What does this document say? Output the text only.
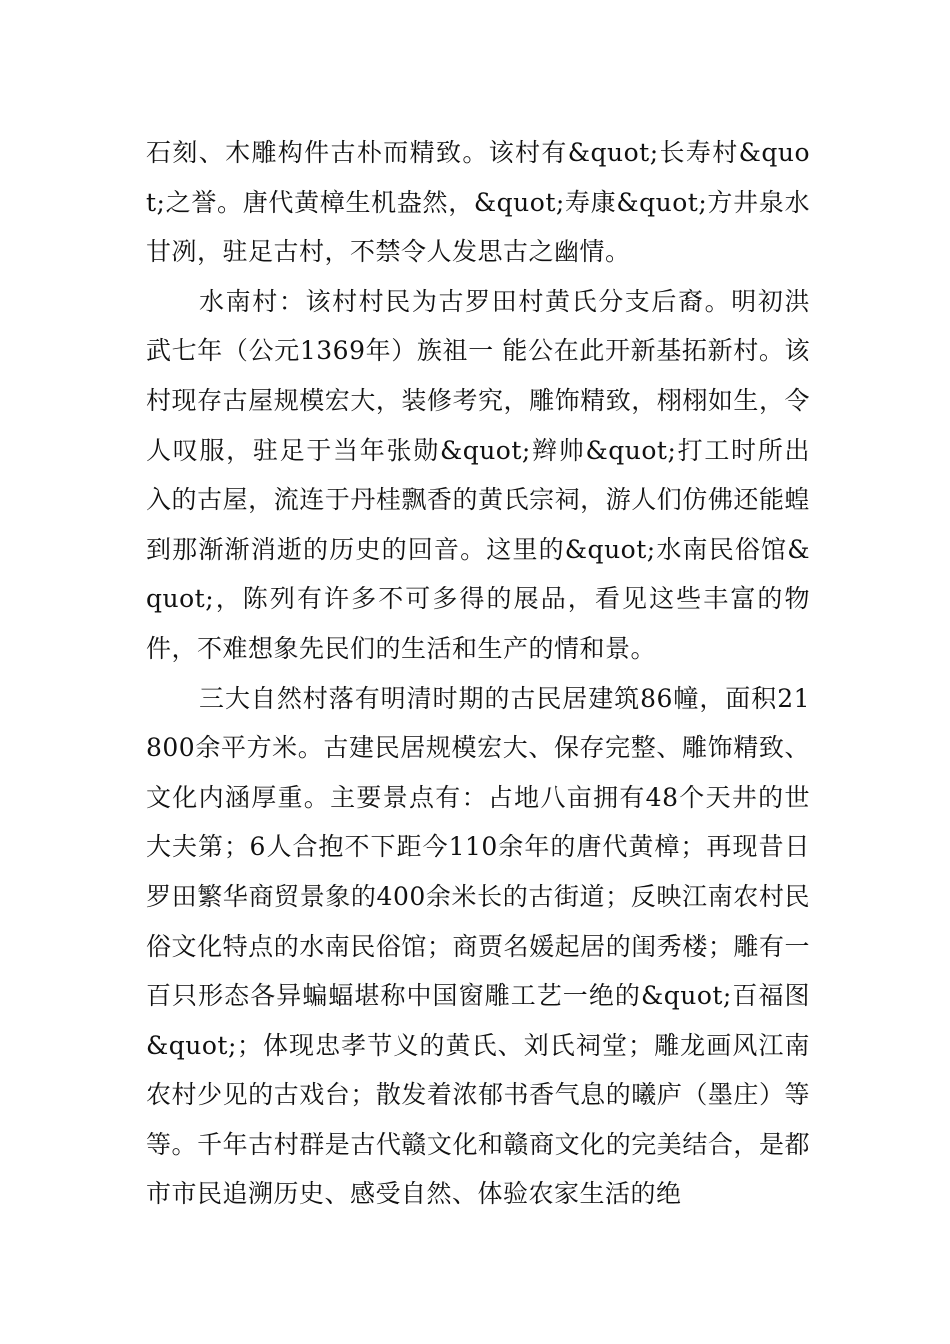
石刻、木雕构件古朴而精致。该村有&quot;长寿村&quot;之誉。唐代黄樟生机盎然，&quot;寿康&quot;方井泉水甘冽，驻足古村，不禁令人发思古之幽情。

水南村：该村村民为古罗田村黄氏分支后裔。明初洪武七年（公元1369年）族祖一 能公在此开新基拓新村。该村现存古屋规模宏大，装修考究，雕饰精致，栩栩如生，令人叹服，驻足于当年张勋&quot;辫帅&quot;打工时所出入的古屋，流连于丹桂飘香的黄氏宗祠，游人们仿佛还能蝗到那渐渐消逝的历史的回音。这里的&quot;水南民俗馆&quot;，陈列有许多不可多得的展品，看见这些丰富的物件，不难想象先民们的生活和生产的情和景。

三大自然村落有明清时期的古民居建筑86幢，面积21800余平方米。古建民居规模宏大、保存完整、雕饰精致、文化内涵厚重。主要景点有：占地八亩拥有48个天井的世大夫第；6人合抱不下距今110余年的唐代黄樟；再现昔日罗田繁华商贸景象的400余米长的古街道；反映江南农村民俗文化特点的水南民俗馆；商贾名媛起居的闺秀楼；雕有一百只形态各异蝙蝠堪称中国窗雕工艺一绝的&quot;百福图&quot;；体现忠孝节义的黄氏、刘氏祠堂；雕龙画风江南农村少见的古戏台；散发着浓郁书香气息的曦庐（墨庄）等等。千年古村群是古代赣文化和赣商文化的完美结合，是都市市民追溯历史、感受自然、体验农家生活的绝
